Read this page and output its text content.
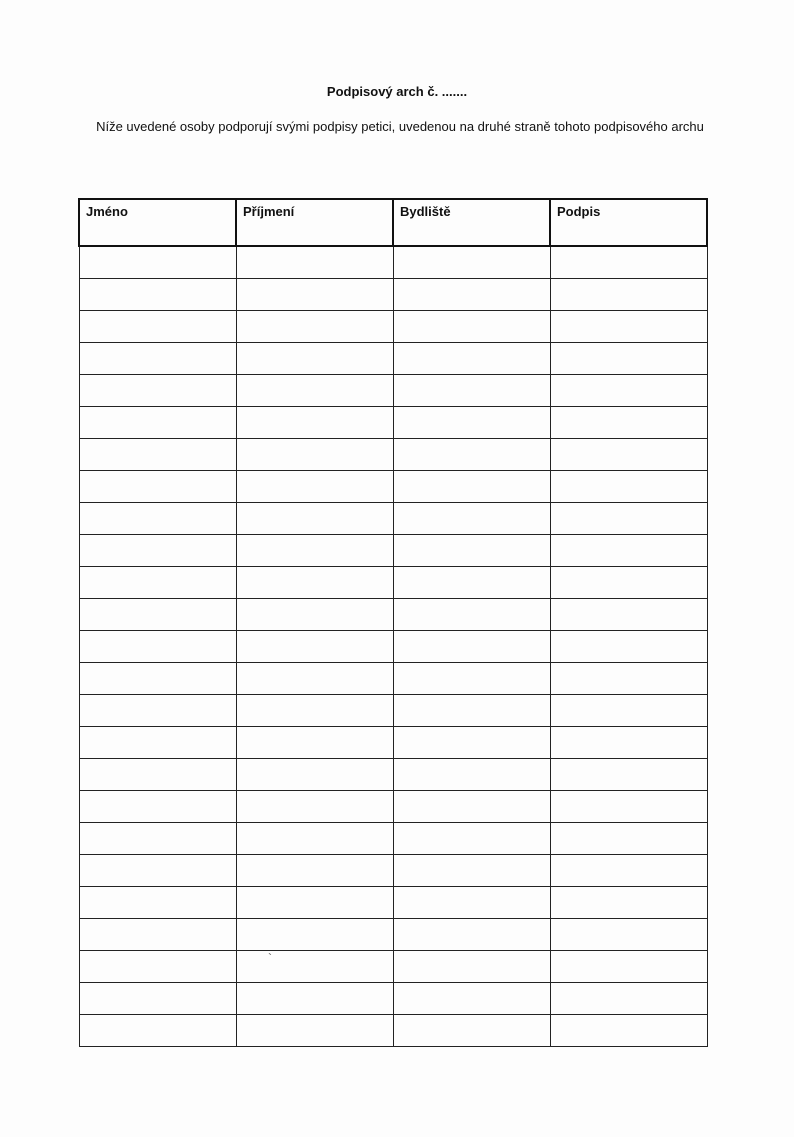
Podpisový arch č. .......
Níže uvedené osoby podporují svými podpisy petici, uvedenou na druhé straně tohoto podpisového archu
Jméno	Příjmení	Bydliště	Podpis

`
